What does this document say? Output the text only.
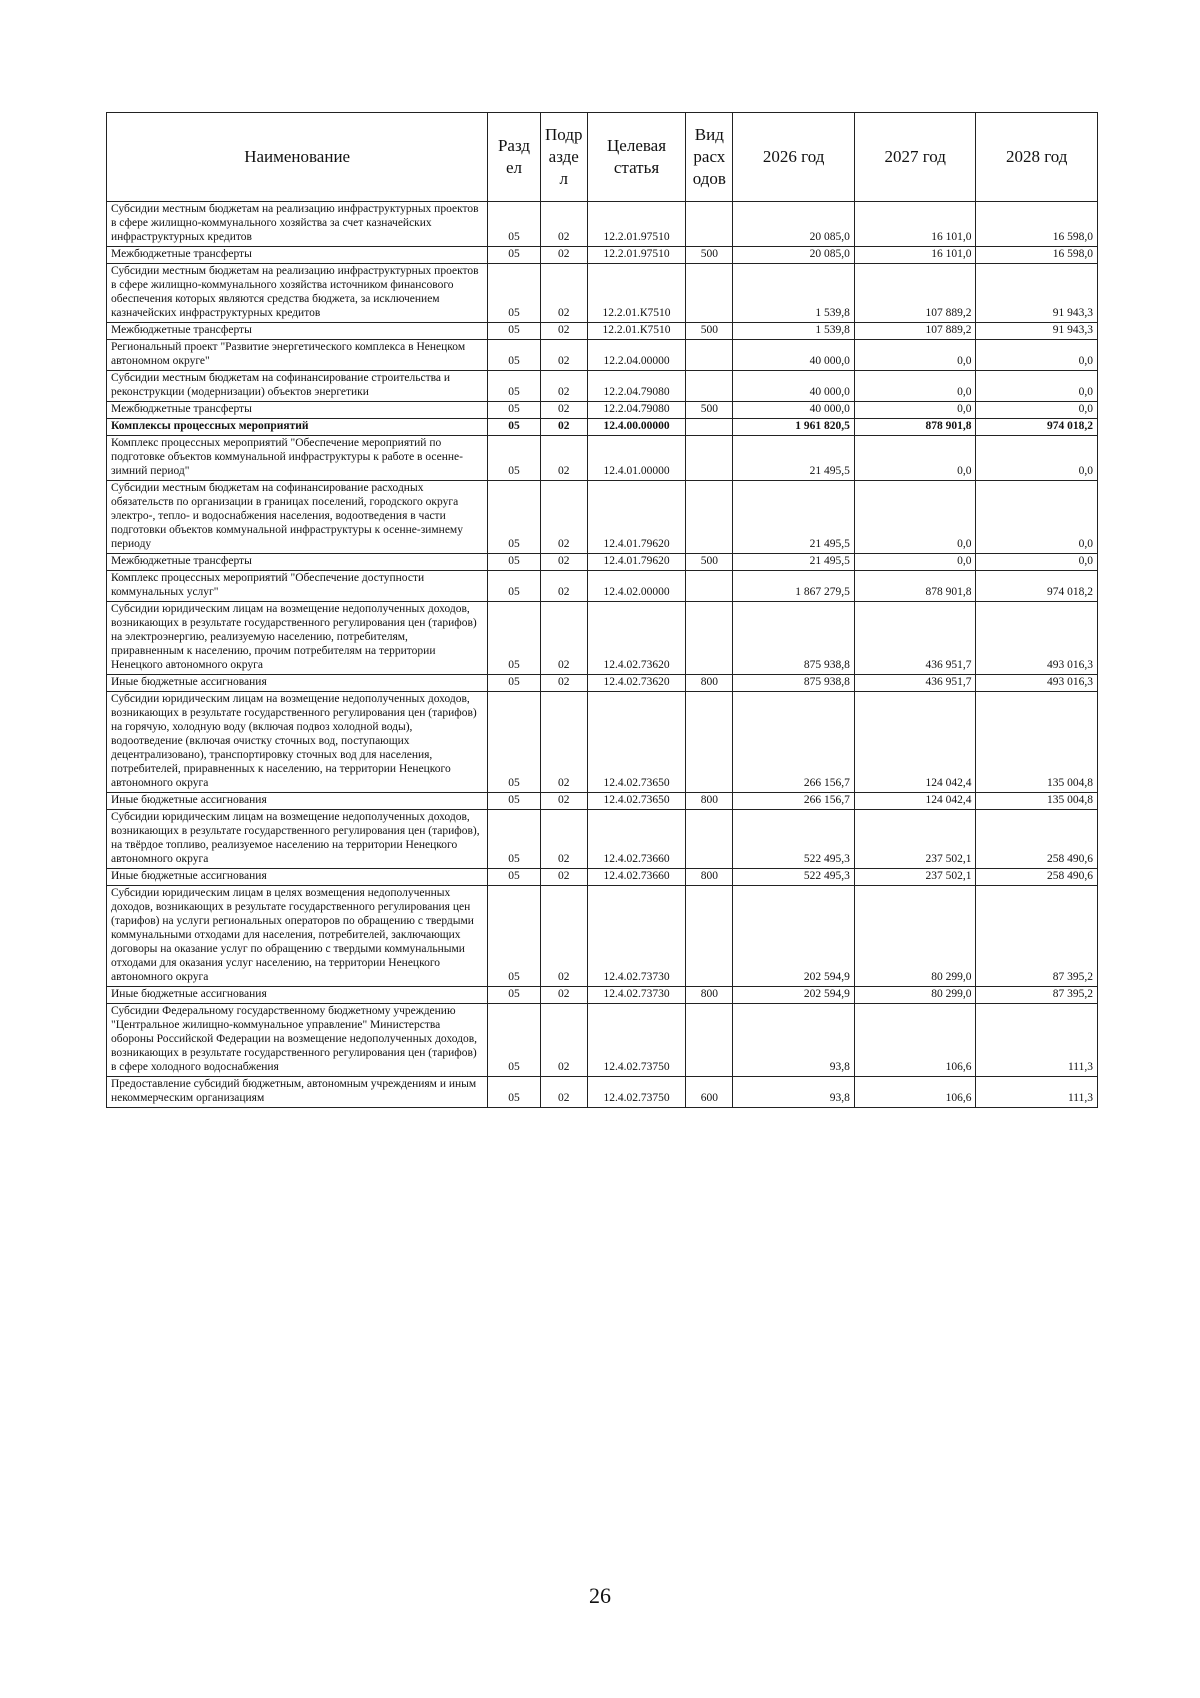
Наименование	Разд ел	Подр азде л	Целевая статья	Вид расх одов	2026 год	2027 год	2028 год
Субсидии местным бюджетам на реализацию инфраструктурных проектов в сфере жилищно-коммунального хозяйства за счет казначейских инфраструктурных кредитов	05	02	12.2.01.97510		20 085,0	16 101,0	16 598,0
Межбюджетные трансферты	05	02	12.2.01.97510	500	20 085,0	16 101,0	16 598,0
Субсидии местным бюджетам на реализацию инфраструктурных проектов в сфере жилищно-коммунального хозяйства источником финансового обеспечения которых являются средства бюджета, за исключением казначейских инфраструктурных кредитов	05	02	12.2.01.К7510		1 539,8	107 889,2	91 943,3
Межбюджетные трансферты	05	02	12.2.01.К7510	500	1 539,8	107 889,2	91 943,3
Региональный проект "Развитие энергетического комплекса в Ненецком автономном округе"	05	02	12.2.04.00000		40 000,0	0,0	0,0
Субсидии местным бюджетам на софинансирование строительства и реконструкции (модернизации) объектов энергетики	05	02	12.2.04.79080		40 000,0	0,0	0,0
Межбюджетные трансферты	05	02	12.2.04.79080	500	40 000,0	0,0	0,0
Комплексы процессных мероприятий	05	02	12.4.00.00000		1 961 820,5	878 901,8	974 018,2
Комплекс процессных мероприятий "Обеспечение мероприятий по подготовке объектов коммунальной инфраструктуры к работе в осенне-зимний период"	05	02	12.4.01.00000		21 495,5	0,0	0,0
Субсидии местным бюджетам на софинансирование расходных обязательств по организации в границах поселений, городского округа электро-, тепло- и водоснабжения населения, водоотведения в части подготовки объектов коммунальной инфраструктуры к осенне-зимнему периоду	05	02	12.4.01.79620		21 495,5	0,0	0,0
Межбюджетные трансферты	05	02	12.4.01.79620	500	21 495,5	0,0	0,0
Комплекс процессных мероприятий "Обеспечение доступности коммунальных услуг"	05	02	12.4.02.00000		1 867 279,5	878 901,8	974 018,2
Субсидии юридическим лицам на возмещение недополученных доходов, возникающих в результате государственного регулирования цен (тарифов) на электроэнергию, реализуемую населению, потребителям, приравненным к населению, прочим потребителям на территории Ненецкого автономного округа	05	02	12.4.02.73620		875 938,8	436 951,7	493 016,3
Иные бюджетные ассигнования	05	02	12.4.02.73620	800	875 938,8	436 951,7	493 016,3
Субсидии юридическим лицам на возмещение недополученных доходов, возникающих в результате государственного регулирования цен (тарифов) на горячую, холодную воду (включая подвоз холодной воды), водоотведение (включая очистку сточных вод, поступающих децентрализовано), транспортировку сточных вод для населения, потребителей, приравненных к населению, на территории Ненецкого автономного округа	05	02	12.4.02.73650		266 156,7	124 042,4	135 004,8
Иные бюджетные ассигнования	05	02	12.4.02.73650	800	266 156,7	124 042,4	135 004,8
Субсидии юридическим лицам на возмещение недополученных доходов, возникающих в результате государственного регулирования цен (тарифов), на твёрдое топливо, реализуемое населению на территории Ненецкого автономного округа	05	02	12.4.02.73660		522 495,3	237 502,1	258 490,6
Иные бюджетные ассигнования	05	02	12.4.02.73660	800	522 495,3	237 502,1	258 490,6
Субсидии юридическим лицам в целях возмещения недополученных доходов, возникающих в результате государственного регулирования цен (тарифов) на услуги региональных операторов по обращению с твердыми коммунальными отходами для населения, потребителей, заключающих договоры на оказание услуг по обращению с твердыми коммунальными отходами для оказания услуг населению, на территории Ненецкого автономного округа	05	02	12.4.02.73730		202 594,9	80 299,0	87 395,2
Иные бюджетные ассигнования	05	02	12.4.02.73730	800	202 594,9	80 299,0	87 395,2
Субсидии Федеральному государственному бюджетному учреждению "Центральное жилищно-коммунальное управление" Министерства обороны Российской Федерации на возмещение недополученных доходов, возникающих в результате государственного регулирования цен (тарифов) в сфере холодного водоснабжения	05	02	12.4.02.73750		93,8	106,6	111,3
Предоставление субсидий бюджетным, автономным учреждениям и иным некоммерческим организациям	05	02	12.4.02.73750	600	93,8	106,6	111,3
26
